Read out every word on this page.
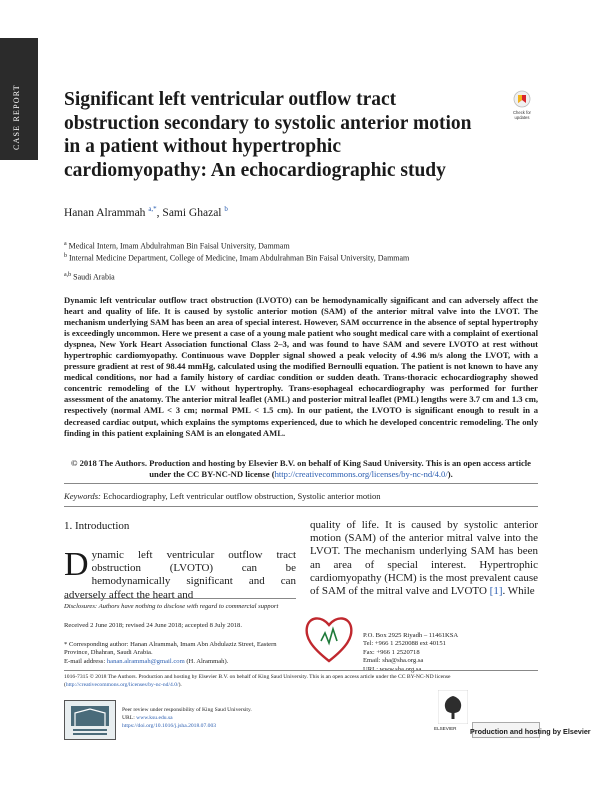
CASE REPORT Significant left ventricular outflow tract obstruction secondary to systolic anterior motion in a patient without hypertrophic cardiomyopathy: An echocardiographic study
Check for
updates
Hanan Alrammah $^{a,*}$, Sami Ghazal $^b$
$^a$ Medical Intern, Imam Abdulrahman Bin Faisal University, Dammam
$^b$ Internal Medicine Department, College of Medicine, Imam Abdulrahman Bin Faisal University, Dammam
$^{a,b}$ Saudi Arabia
Dynamic left ventricular outflow tract obstruction (LVOTO) can be hemodynamically significant and can adversely affect the heart and quality of life. It is caused by systolic anterior motion (SAM) of the anterior mitral valve into the LVOT. The mechanism underlying SAM has been an area of special interest. However, SAM occurrence in the absence of septal hypertrophy is exceedingly uncommon. Here we present a case of a young male patient who sought medical care with a complaint of exertional dyspnea, New York Heart Association functional Class 2–3, and was found to have SAM and severe LVOTO at rest without hypertrophic cardiomyopathy. Continuous wave Doppler signal showed a peak velocity of 4.96 m/s along the LVOT, with a pressure gradient at rest of 98.44 mmHg, calculated using the modified Bernoulli equation. The patient is not known to have any medical conditions, nor had a family history of cardiac condition or sudden death. Trans-thoracic echocardiography showed concentric remodeling of the LV without hypertrophy. Trans-esophageal echocardiography was performed for further assessment of the anatomy. The anterior mitral leaflet (AML) and posterior mitral leaflet (PML) lengths were 3.7 cm and 1.3 cm, respectively (normal AML < 3 cm; normal PML < 1.5 cm). In our patient, the LVOTO is significant enough to result in a decreased cardiac output, which explains the symptoms experienced, due to which he developed concentric remodeling. The only finding in this patient explaining SAM is an elongated AML.
© 2018 The Authors. Production and hosting by Elsevier B.V. on behalf of King Saud University. This is an open access article under the CC BY-NC-ND license (http://creativecommons.org/licenses/by-nc-nd/4.0/).
Keywords: Echocardiography, Left ventricular outflow obstruction, Systolic anterior motion
1. Introduction
Dynamic left ventricular outflow tract obstruction (LVOTO) can be hemodynamically significant and can adversely affect the heart and
quality of life. It is caused by systolic anterior motion (SAM) of the anterior mitral valve into the LVOT. The mechanism underlying SAM has been an area of special interest. Hypertrophic cardiomyopathy (HCM) is the most prevalent cause of SAM of the mitral valve and LVOTO [1]. While
Disclosures: Authors have nothing to disclose with regard to commercial support
Received 2 June 2018; revised 24 June 2018; accepted 8 July 2018.
* Corresponding author: Hanan Alrammah, Imam Abn Abdulaziz Street, Eastern Province, Dhahran, Saudi Arabia.
E-mail address: hanan.alrammah@gmail.com (H. Alrammah).
P.O. Box 2925 Riyadh – 11461KSA
Tel: +966 1 2520088 ext 40151
Fax: +966 1 2520718
Email: sha@sha.org.sa
URL: www.sha.org.sa
1016-7315 © 2018 The Authors. Production and hosting by Elsevier B.V. on behalf of King Saud University. This is an open access article under the CC BY-NC-ND license (http://creativecommons.org/licenses/by-nc-nd/4.0/).
Peer review under responsibility of King Saud University.
URL: www.ksu.edu.sa
https://doi.org/10.1016/j.jsha.2018.07.003	ELSEVIER Production and hosting by Elsevier
